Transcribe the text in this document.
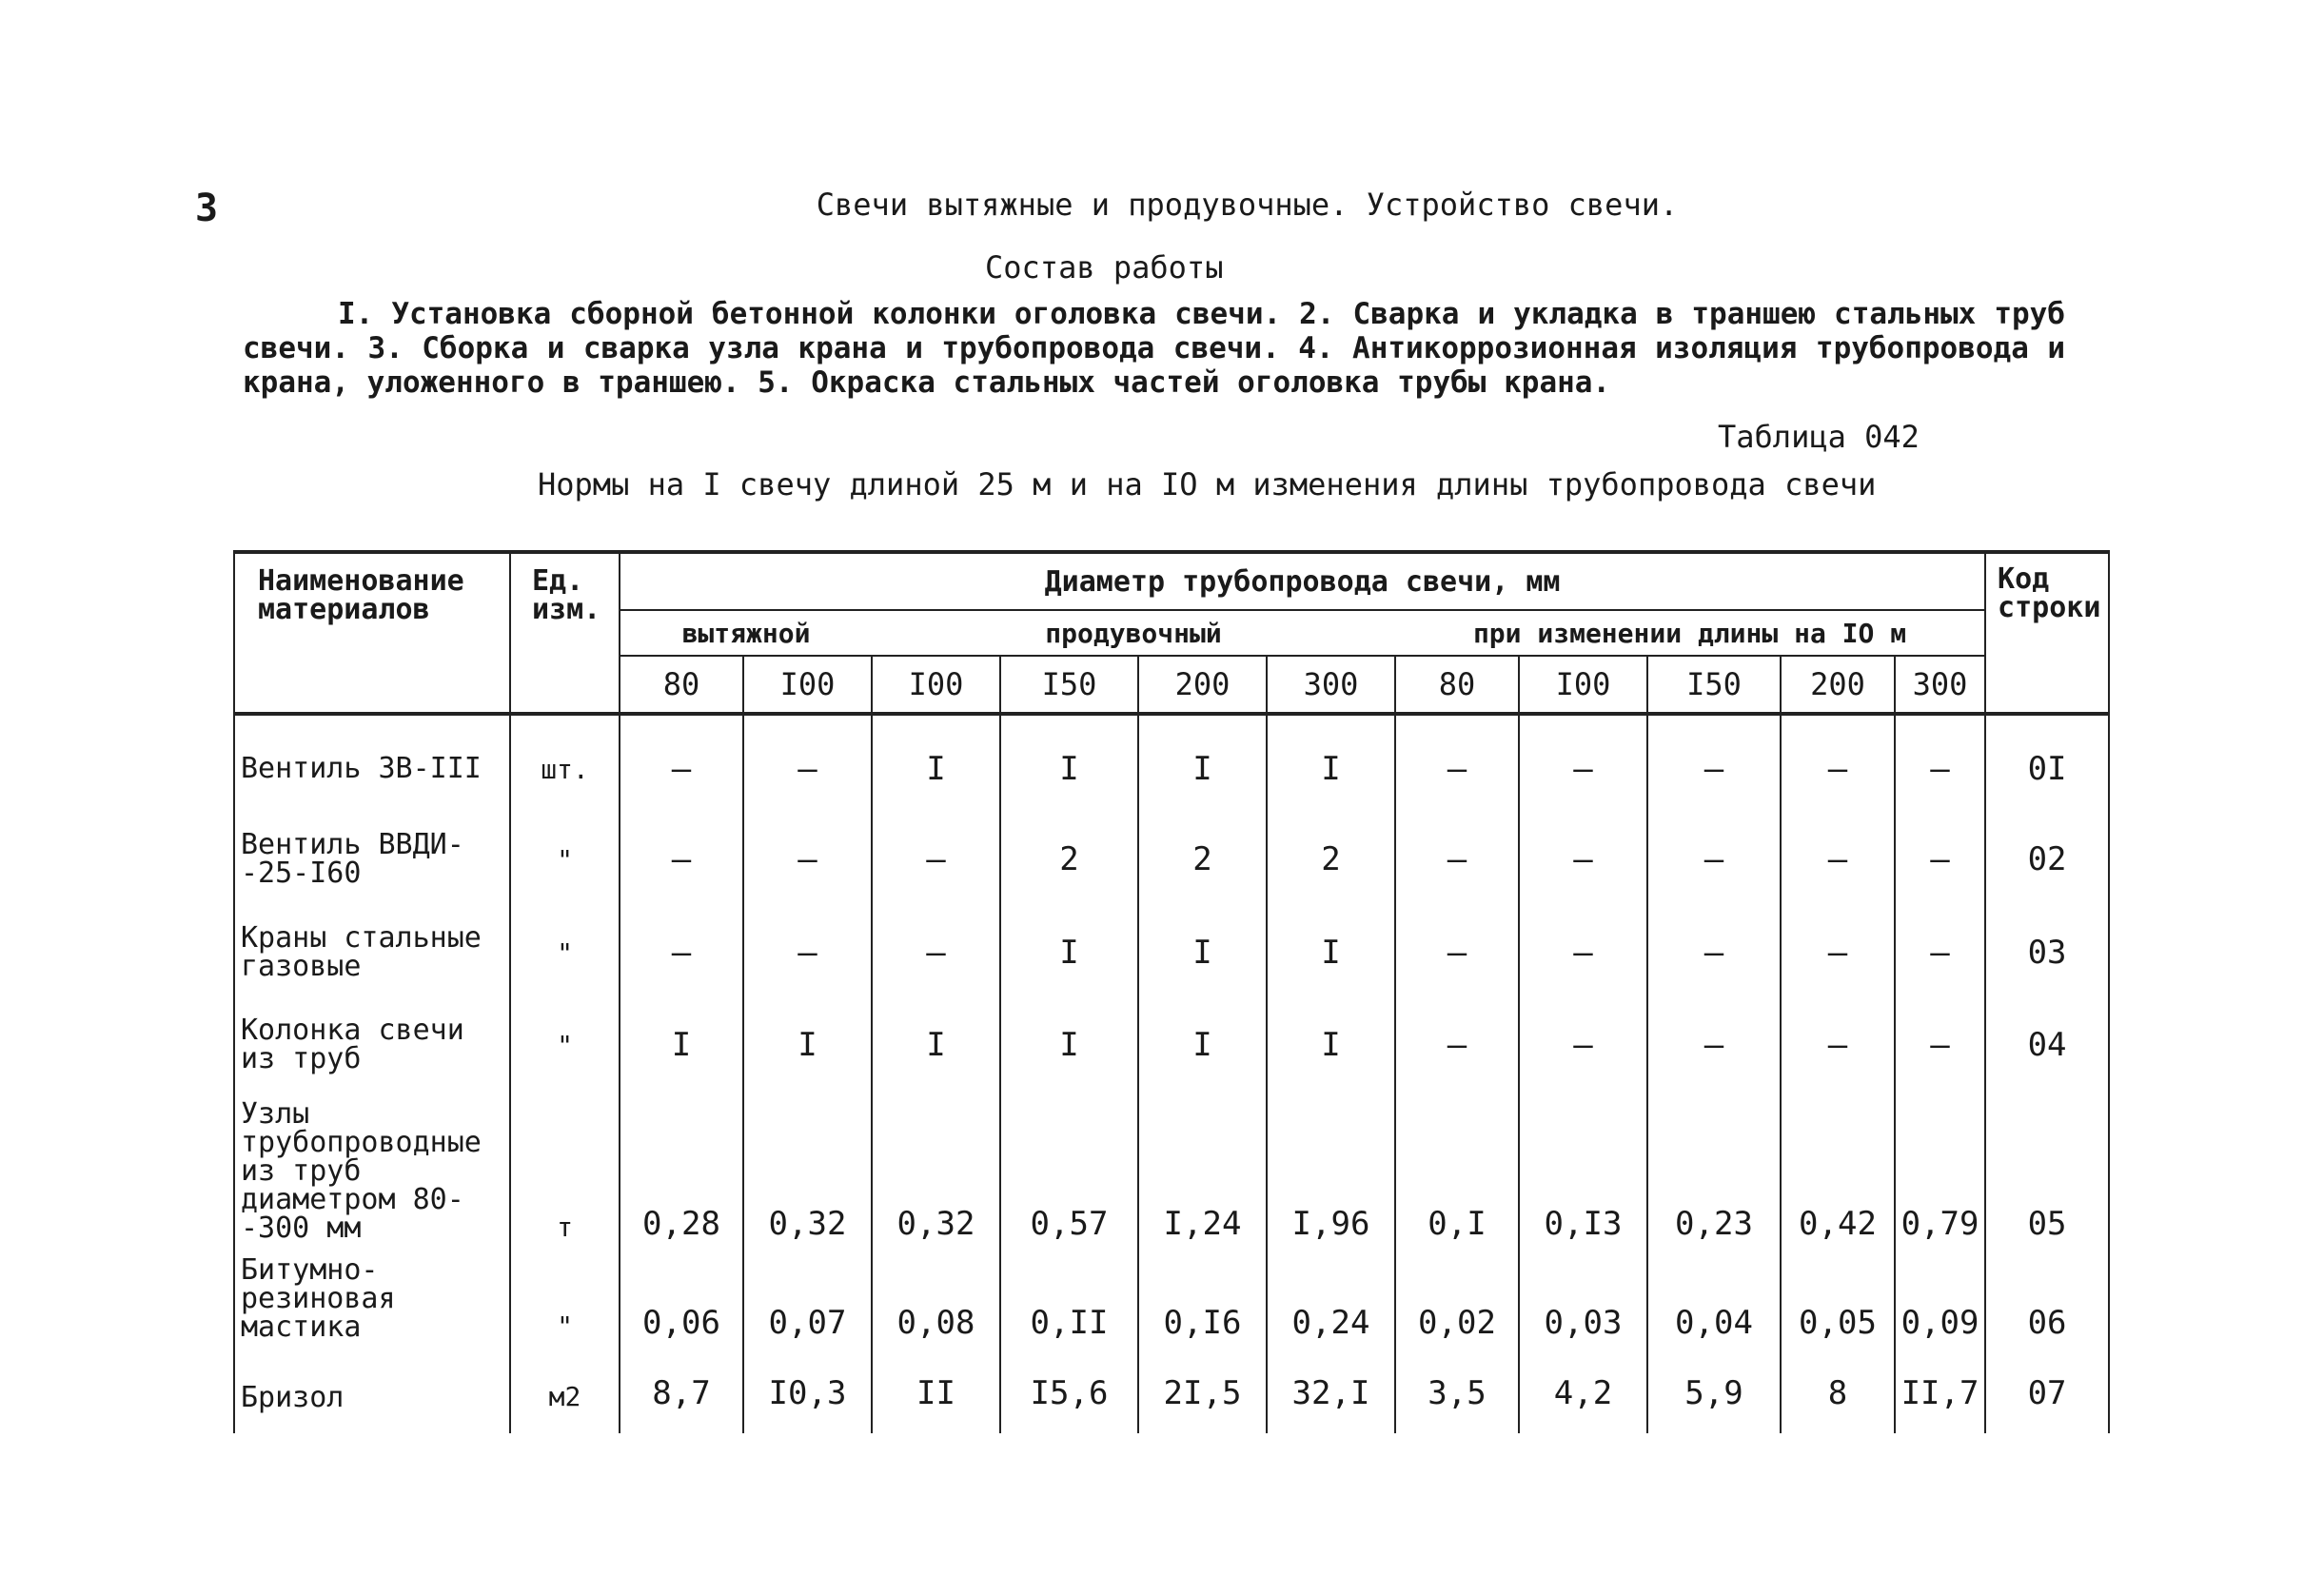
3	Свечи вытяжные и продувочные. Устройство свечи.
Состав работы
I. Установка сборной бетонной колонки оголовка свечи. 2. Сварка и укладка в траншею стальных труб свечи. 3. Сборка и сварка узла крана и трубопровода свечи. 4. Антикоррозионная изоляция трубопровода и крана, уложенного в траншею. 5. Окраска стальных частей оголовка трубы крана.
Таблица 042
Нормы на I свечу длиной 25 м и на IO м изменения длины трубопровода свечи
Наименование материалов	Ед. изм.	Диаметр трубопровода свечи, мм											Код строки
		вытяжной		продувочный				при изменении длины на IO м					
		80	I00	I00	I50	200	300	80	I00	I50	200	300	

Вентиль ЗВ-III	шт.	–	–	I	I	I	I	–	–	–	–	–	0I
Вентиль ВВДИ--25-I60	"	–	–	–	2	2	2	–	–	–	–	–	02
Краны стальные газовые	"	–	–	–	I	I	I	–	–	–	–	–	03
Колонка свечи из труб	"	I	I	I	I	I	I	–	–	–	–	–	04
Узлы трубопроводные из труб диаметром 80--300 мм	т	0,28	0,32	0,32	0,57	I,24	I,96	0,I	0,I3	0,23	0,42	0,79	05
Битумно-резиновая мастика	"	0,06	0,07	0,08	0,II	0,I6	0,24	0,02	0,03	0,04	0,05	0,09	06
Бризол	м2	8,7	I0,3	II	I5,6	2I,5	32,I	3,5	4,2	5,9	8	II,7	07
